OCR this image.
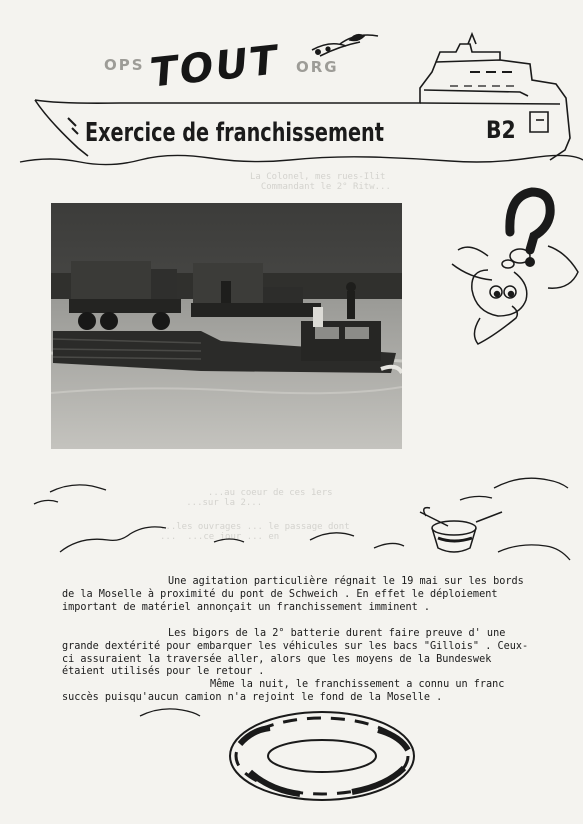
La Colonel, mes rues-Ilit
Commandant le 2° Ritw...
...au coeur de ces 1ers
...sur la 2...
...les ouvrages ... le passage dont
...  ...ce jour ... en
OPS	ORG
TOUT
Exercice de franchissement	B2

Une agitation particulière régnait le 19 mai sur les bords de la Moselle à proximité du pont de Schweich . En effet le déploiement important de matériel annonçait un franchissement imminent .

Les bigors de la 2° batterie durent faire preuve d' une grande dextérité pour embarquer les véhicules sur les bacs "Gillois" . Ceux-ci assuraient la traversée aller, alors que les moyens de la Bundeswek étaient utilisés pour le retour .

Même la nuit, le franchissement a connu un franc succès puisqu'aucun camion n'a rejoint le fond de la Moselle .
